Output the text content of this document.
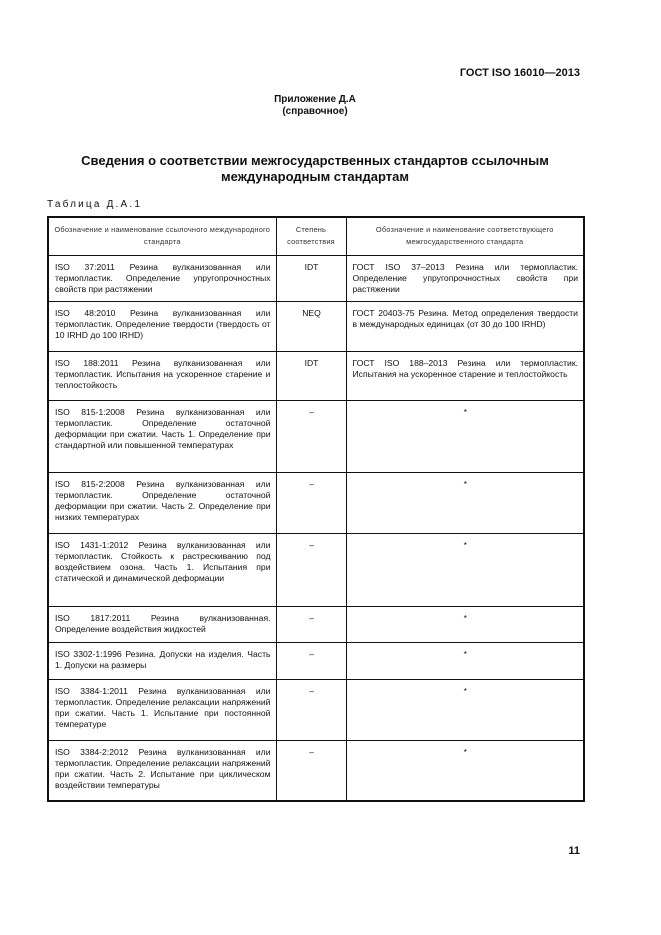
ГОСТ ISO 16010—2013
Приложение Д.А
(справочное)
Сведения о соответствии межгосударственных стандартов ссылочным
международным стандартам
Таблица Д.А.1
Обозначение и наименование ссылочного международного стандарта	Степень соответствия	Обозначение и наименование соответствующего межгосударственного стандарта
ISO 37:2011 Резина вулканизованная или термопластик. Определение упругопрочностных свойств при растяжении	IDT	ГОСТ ISO 37–2013 Резина или термопластик. Определение упругопрочностных свойств при растяжении
ISO 48:2010 Резина вулканизованная или термопластик. Определение твердости (твердость от 10 IRHD до 100 IRHD)	NEQ	ГОСТ 20403-75 Резина. Метод определения твердости в международных единицах (от 30 до 100 IRHD)
ISO 188:2011 Резина вулканизованная или термопластик. Испытания на ускоренное старение и теплостойкость	IDT	ГОСТ ISO 188–2013 Резина или термопластик. Испытания на ускоренное старение и теплостойкость
ISO 815-1:2008 Резина вулканизованная или термопластик. Определение остаточной деформации при сжатии. Часть 1. Определение при стандартной или повышенной температурах	–	*
ISO 815-2:2008 Резина вулканизованная или термопластик. Определение остаточной деформации при сжатии. Часть 2. Определение при низких температурах	–	*
ISO 1431-1:2012 Резина вулканизованная или термопластик. Стойкость к растрескиванию под воздействием озона. Часть 1. Испытания при статической и динамической деформации	–	*
ISO 1817:2011 Резина вулканизованная. Определение воздействия жидкостей	–	*
ISO 3302-1:1996 Резина. Допуски на изделия. Часть 1. Допуски на размеры	–	*
ISO 3384-1:2011 Резина вулканизованная или термопластик. Определение релаксации напряжений при сжатии. Часть 1. Испытание при постоянной температуре	–	*
ISO 3384-2:2012 Резина вулканизованная или термопластик. Определение релаксации напряжений при сжатии. Часть 2. Испытание при циклическом воздействии температуры	–	*
11
